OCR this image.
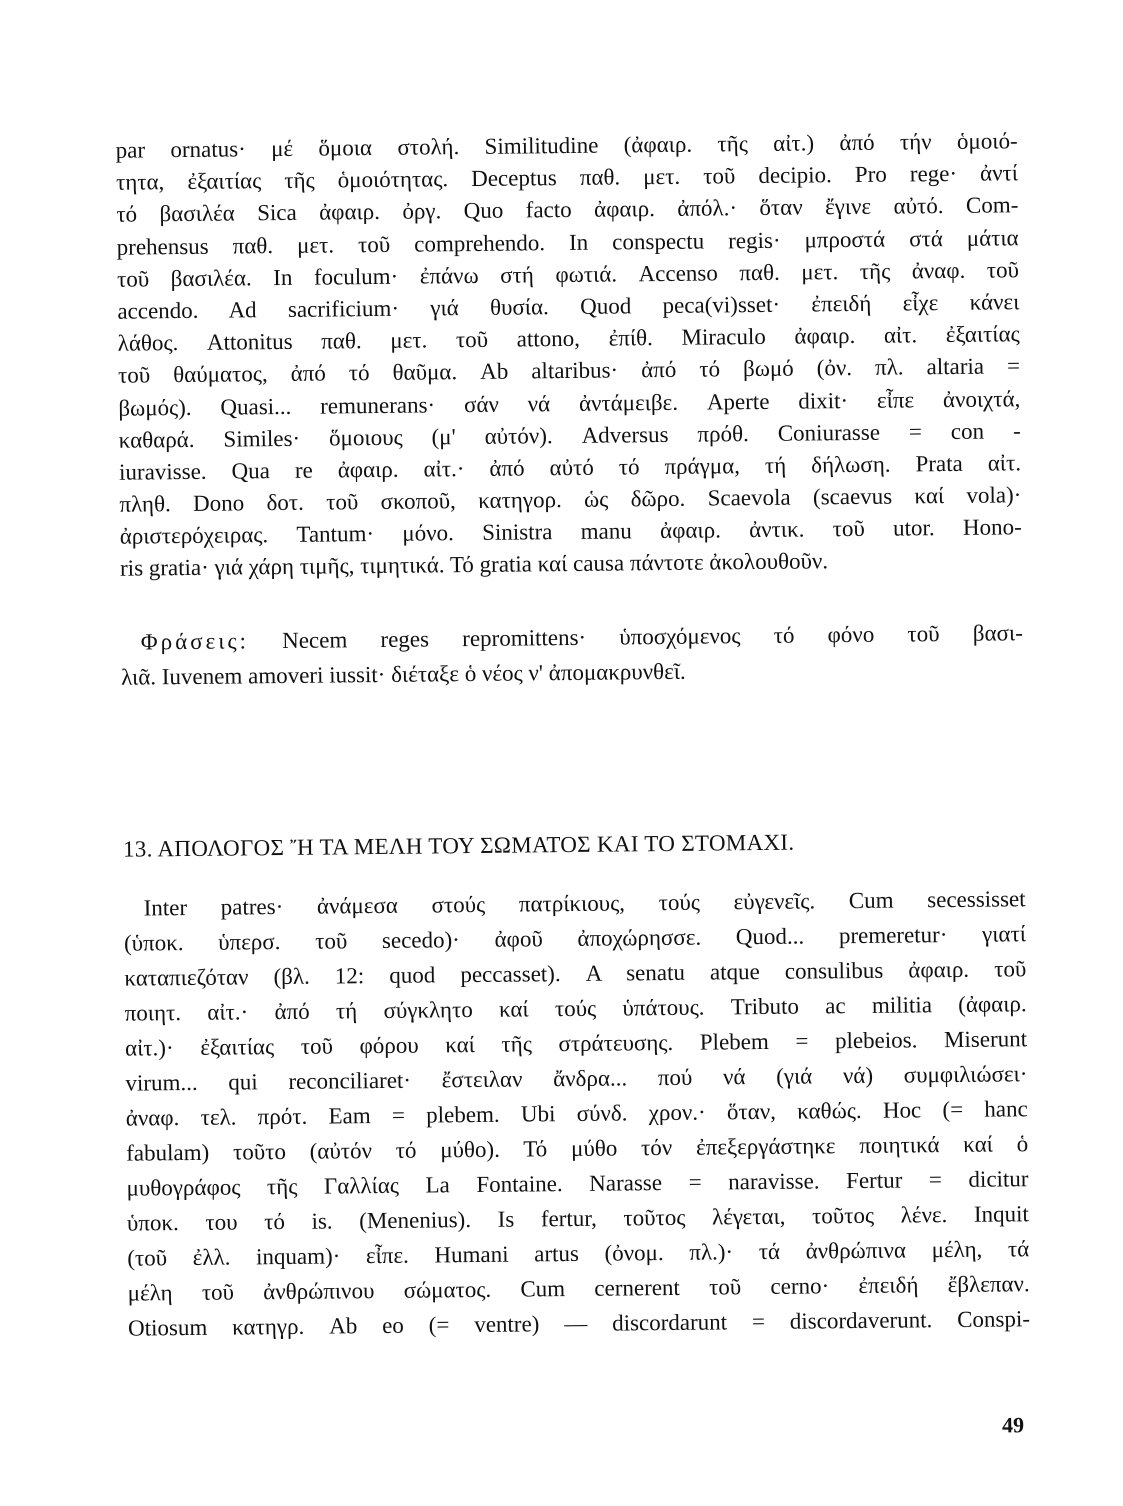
par ornatus· μέ ὅμοια στολή. Similitudine (ἀφαιρ. τῆς αἰτ.) ἀπό τήν ὁμοιό-
τητα, ἐξαιτίας τῆς ὁμοιότητας. Deceptus παθ. μετ. τοῦ decipio. Pro rege· ἀντί
τό βασιλέα Sica ἀφαιρ. ὀργ. Quo facto ἀφαιρ. ἀπόλ.· ὅταν ἔγινε αὐτό. Com-
prehensus παθ. μετ. τοῦ comprehendo. In conspectu regis· μπροστά στά μάτια
τοῦ βασιλέα. In foculum· ἐπάνω στή φωτιά. Accenso παθ. μετ. τῆς ἀναφ. τοῦ
accendo. Ad sacrificium· γιά θυσία. Quod peca(vi)sset· ἐπειδή εἶχε κάνει
λάθος. Attonitus παθ. μετ. τοῦ attono, ἐπίθ. Miraculo ἀφαιρ. αἰτ. ἐξαιτίας
τοῦ θαύματος, ἀπό τό θαῦμα. Ab altaribus· ἀπό τό βωμό (ὀν. πλ. altaria =
βωμός). Quasi... remunerans· σάν νά ἀντάμειβε. Aperte dixit· εἶπε ἀνοιχτά,
καθαρά. Similes· ὅμοιους (μ' αὐτόν). Adversus πρόθ. Coniurasse = con -
iuravisse. Qua re ἀφαιρ. αἰτ.· ἀπό αὐτό τό πράγμα, τή δήλωση. Prata αἰτ.
πληθ. Dono δοτ. τοῦ σκοποῦ, κατηγορ. ὡς δῶρο. Scaevola (scaevus καί vola)·
ἀριστερόχειρας. Tantum· μόνο. Sinistra manu ἀφαιρ. ἀντικ. τοῦ utor. Hono-
ris gratia· γιά χάρη τιμῆς, τιμητικά. Τό gratia καί causa πάντοτε ἀκολουθοῦν.
Φράσεις: Necem reges repromittens· ὑποσχόμενος τό φόνο τοῦ βασι-
λιᾶ. Iuvenem amoveri iussit· διέταξε ὁ νέος ν' ἀπομακρυνθεῖ.
13. ΑΠΟΛΟΓΟΣ Ἤ ΤΑ ΜΕΛΗ ΤΟΥ ΣΩΜΑΤΟΣ ΚΑΙ ΤΟ ΣΤΟΜΑΧΙ.
Inter patres· ἀνάμεσα στούς πατρίκιους, τούς εὐγενεῖς. Cum secessisset
(ὑποκ. ὑπερσ. τοῦ secedo)· ἀφοῦ ἀποχώρησσε. Quod... premeretur· γιατί
καταπιεζόταν (βλ. 12: quod peccasset). A senatu atque consulibus ἀφαιρ. τοῦ
ποιητ. αἰτ.· ἀπό τή σύγκλητο καί τούς ὑπάτους. Tributo ac militia (ἀφαιρ.
αἰτ.)· ἐξαιτίας τοῦ φόρου καί τῆς στράτευσης. Plebem = plebeios. Miserunt
virum... qui reconciliaret· ἔστειλαν ἄνδρα... πού νά (γιά νά) συμφιλιώσει·
ἀναφ. τελ. πρότ. Eam = plebem. Ubi σύνδ. χρον.· ὅταν, καθώς. Hoc (= hanc
fabulam) τοῦτο (αὐτόν τό μύθο). Τό μύθο τόν ἐπεξεργάστηκε ποιητικά καί ὁ
μυθογράφος τῆς Γαλλίας La Fontaine. Narasse = naravisse. Fertur = dicitur
ὑποκ. του τό is. (Menenius). Is fertur, τοῦτος λέγεται, τοῦτος λένε. Inquit
(τοῦ ἐλλ. inquam)· εἶπε. Humani artus (ὀνομ. πλ.)· τά ἀνθρώπινα μέλη, τά
μέλη τοῦ ἀνθρώπινου σώματος. Cum cernerent τοῦ cerno· ἐπειδή ἔβλεπαν.
Otiosum κατηγρ. Ab eo (= ventre) — discordarunt = discordaverunt. Conspi-
49
